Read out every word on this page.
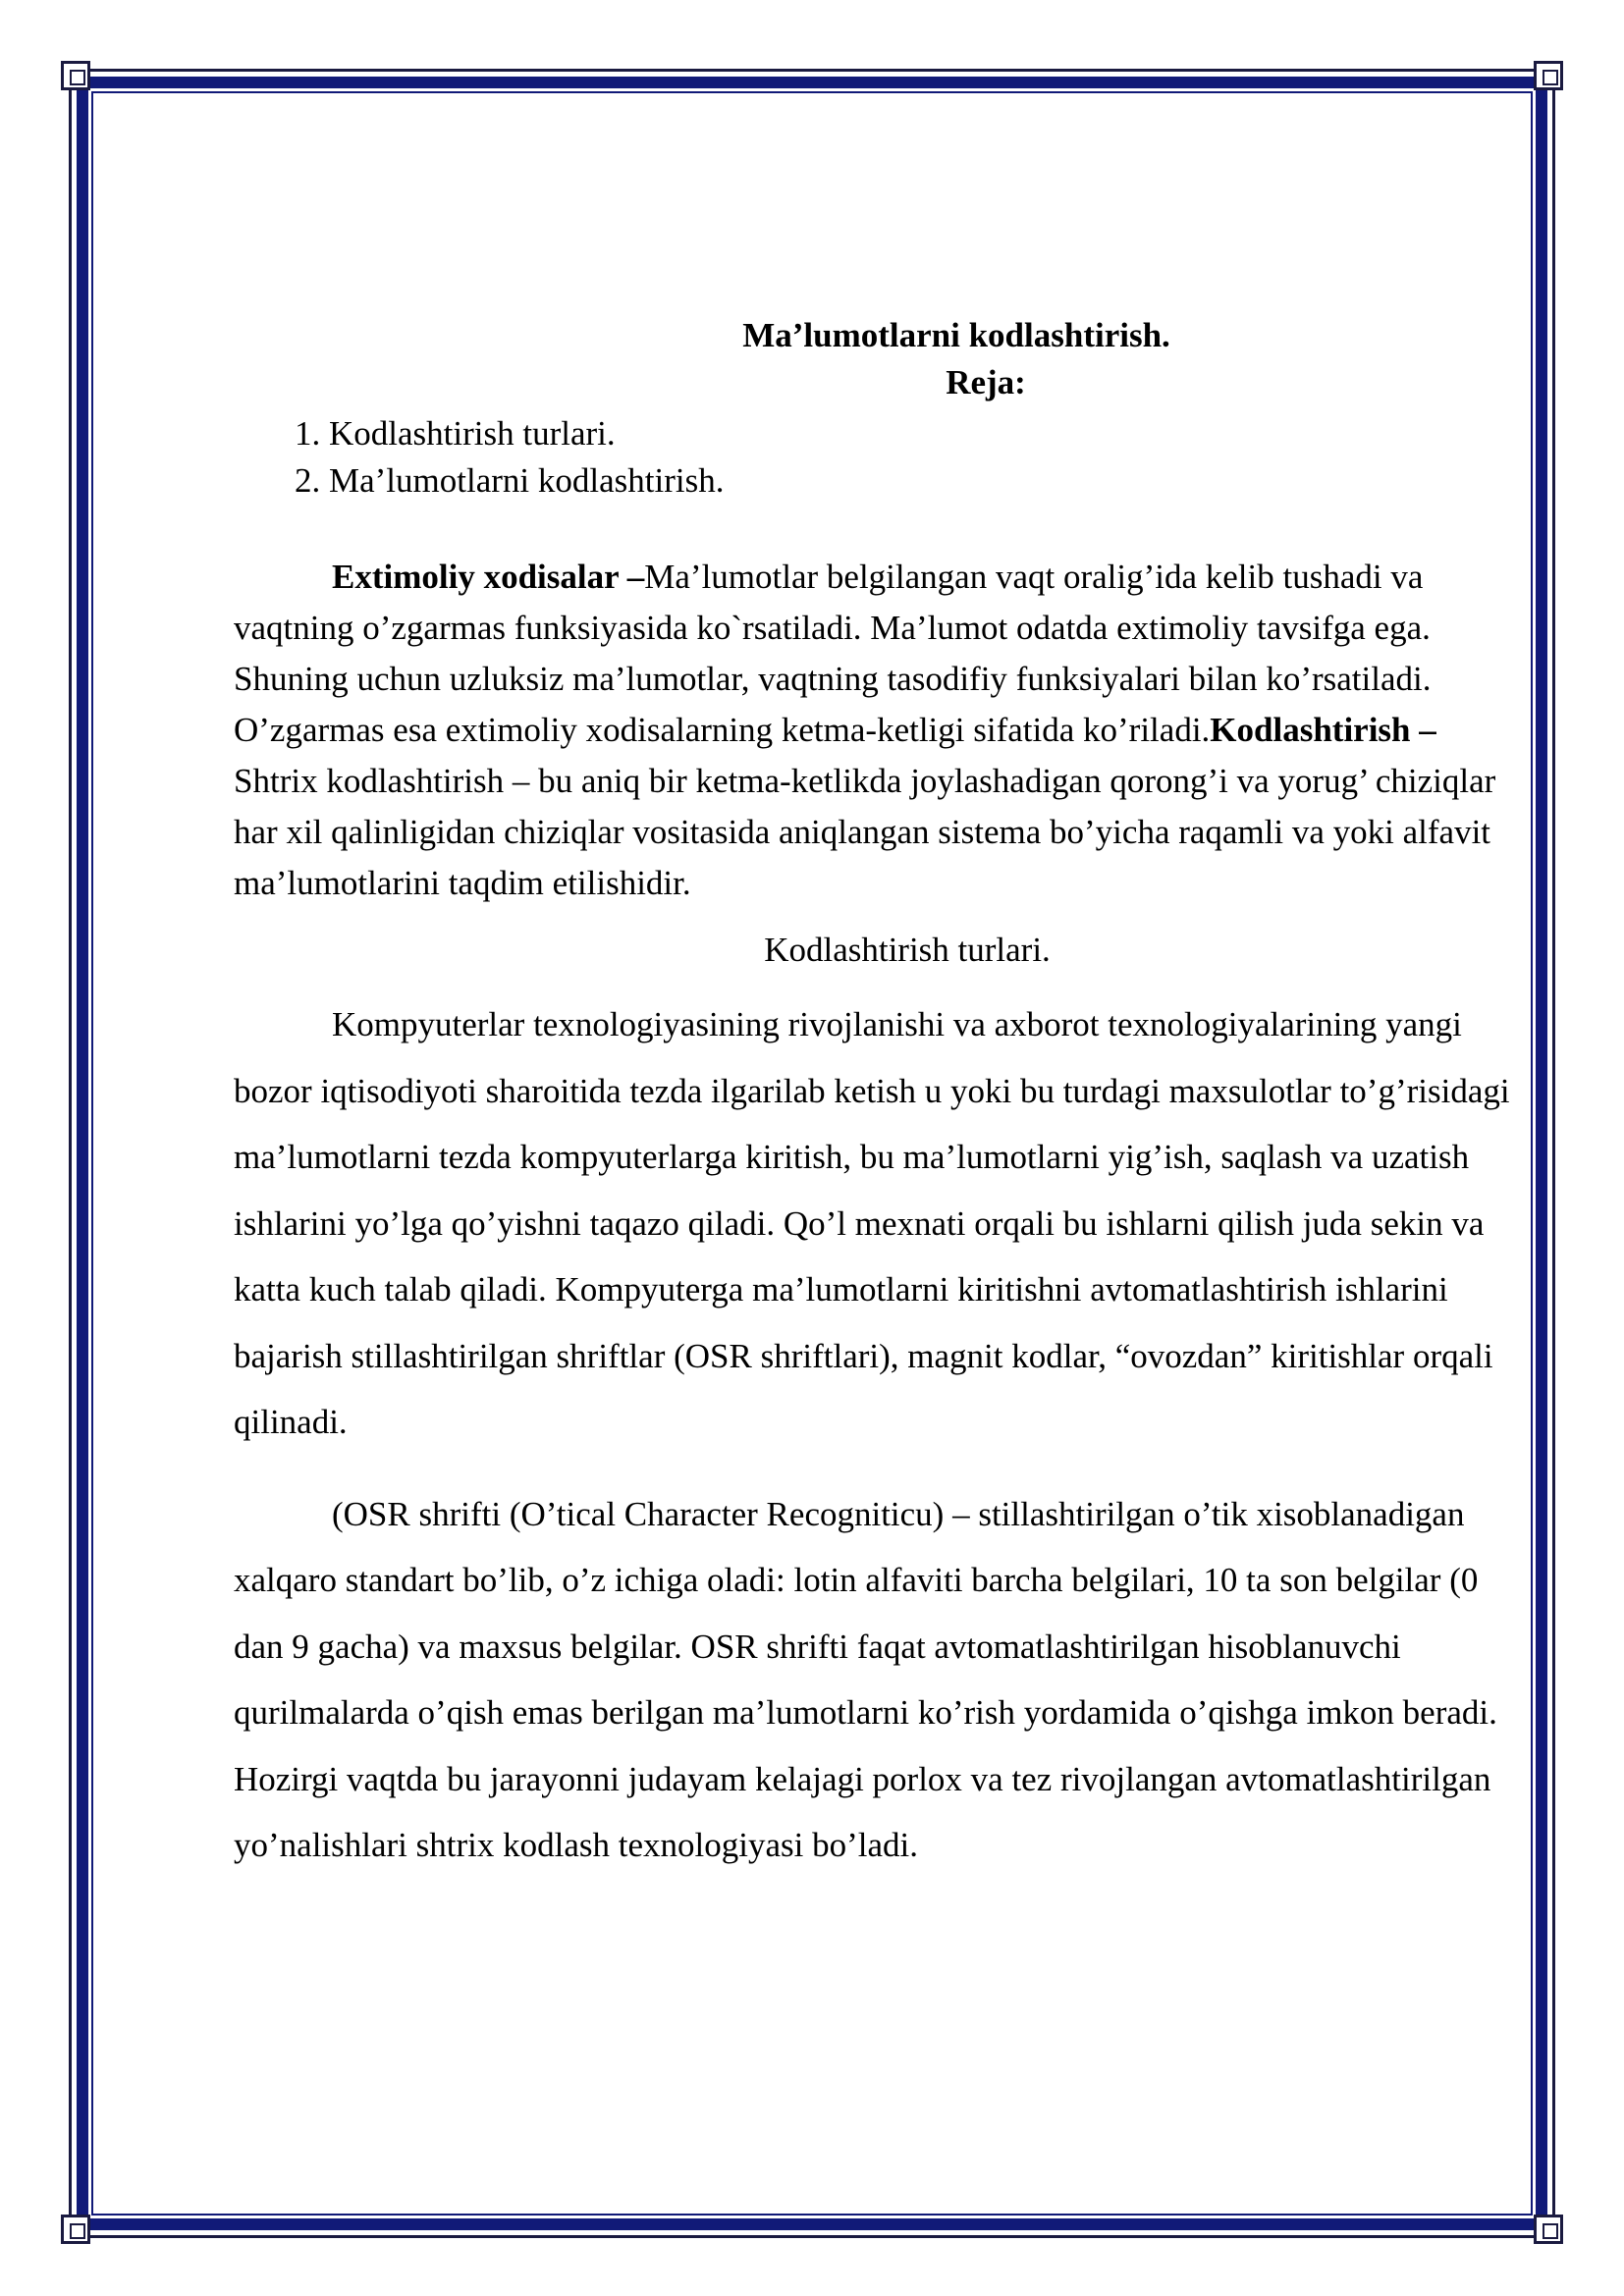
Ma’lumotlarni kodlashtirish.

Reja:

1. Kodlashtirish turlari.
2. Ma’lumotlarni kodlashtirish.

Extimoliy xodisalar –Ma’lumotlar belgilangan vaqt oralig’ida kelib tushadi va vaqtning o’zgarmas funksiyasida ko`rsatiladi. Ma’lumot odatda extimoliy tavsifga ega. Shuning uchun uzluksiz ma’lumotlar, vaqtning tasodifiy funksiyalari bilan ko’rsatiladi. O’zgarmas esa extimoliy xodisalarning ketma-ketligi sifatida ko’riladi.Kodlashtirish –Shtrix kodlashtirish – bu aniq bir ketma-ketlikda joylashadigan qorong’i va yorug’ chiziqlar har xil qalinligidan chiziqlar vositasida aniqlangan sistema bo’yicha raqamli va yoki alfavit ma’lumotlarini taqdim etilishidir.

Kodlashtirish turlari.

Kompyuterlar texnologiyasining rivojlanishi va axborot texnologiyalarining yangi bozor iqtisodiyoti sharoitida tezda ilgarilab ketish u yoki bu turdagi maxsulotlar to’g’risidagi ma’lumotlarni tezda kompyuterlarga kiritish, bu ma’lumotlarni yig’ish, saqlash va uzatish ishlarini yo’lga qo’yishni taqazo qiladi. Qo’l mexnati orqali bu ishlarni qilish juda sekin va katta kuch talab qiladi. Kompyuterga ma’lumotlarni kiritishni avtomatlashtirish ishlarini bajarish stillashtirilgan shriftlar (OSR shriftlari), magnit kodlar, “ovozdan” kiritishlar orqali qilinadi.

(OSR shrifti (O’tical Character Recogniticu) – stillashtirilgan o’tik xisoblanadigan xalqaro standart bo’lib, o’z ichiga oladi: lotin alfaviti barcha belgilari, 10 ta son belgilar (0 dan 9 gacha) va maxsus belgilar. OSR shrifti faqat avtomatlashtirilgan hisoblanuvchi qurilmalarda o’qish emas berilgan ma’lumotlarni ko’rish yordamida o’qishga imkon beradi. Hozirgi vaqtda bu jarayonni judayam kelajagi porlox va tez rivojlangan avtomatlashtirilgan yo’nalishlari shtrix kodlash texnologiyasi bo’ladi.
